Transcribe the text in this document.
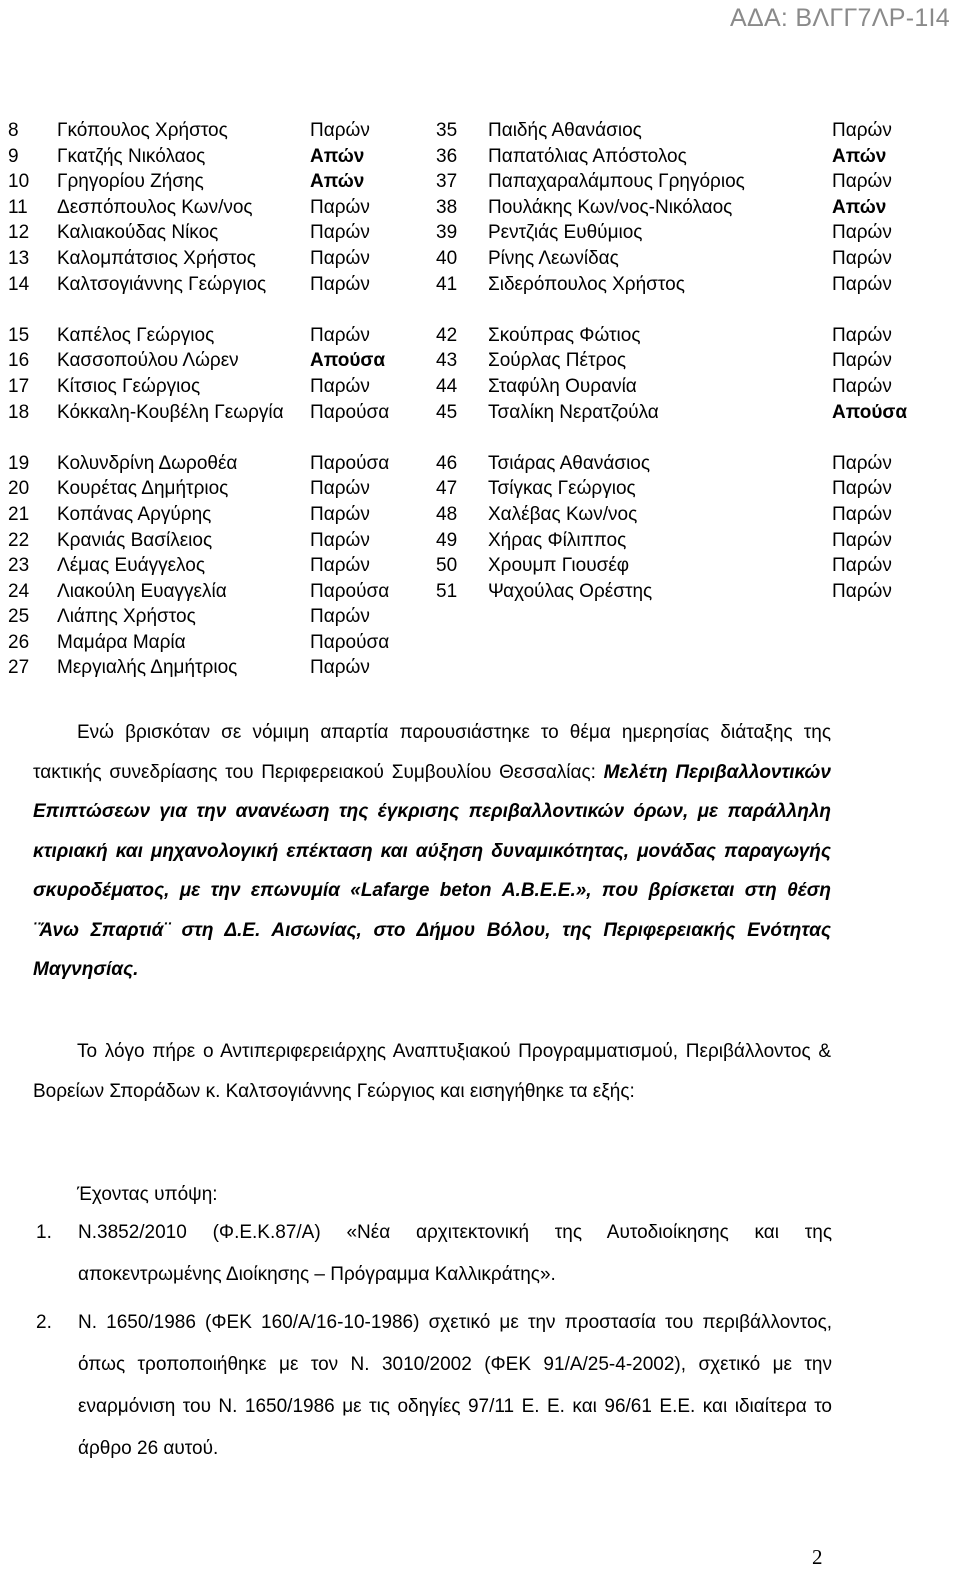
ΑΔΑ: ΒΛΓΓ7ΛΡ-1Ι4
8 Γκόπουλος Χρήστος	Παρών
9 Γκατζής Νικόλαος	Απών
10 Γρηγορίου Ζήσης	Απών
11 Δεσπόπουλος Κων/νος	Παρών
12 Καλιακούδας Νίκος	Παρών
13 Καλομπάτσιος Χρήστος	Παρών
14 Καλτσογιάννης Γεώργιος	Παρών
15 Καπέλος Γεώργιος	Παρών
16 Κασσοπούλου Λώρεν	Απούσα
17 Κίτσιος Γεώργιος	Παρών
18 Κόκκαλη-Κουβέλη Γεωργία	Παρούσα
19 Κολυνδρίνη Δωροθέα	Παρούσα
20 Κουρέτας Δημήτριος	Παρών
21 Κοπάνας Αργύρης	Παρών
22 Κρανιάς Βασίλειος	Παρών
23 Λέμας Ευάγγελος	Παρών
24 Λιακούλη Ευαγγελία	Παρούσα
25 Λιάπης Χρήστος	Παρών
26 Μαμάρα Μαρία	Παρούσα
27 Μεργιαλής Δημήτριος	Παρών
35 Παιδής Αθανάσιος	Παρών
36 Παπατόλιας Απόστολος	Απών
37 Παπαχαραλάμπους Γρηγόριος	Παρών
38 Πουλάκης Κων/νος-Νικόλαος	Απών
39 Ρεντζιάς Ευθύμιος	Παρών
40 Ρίνης Λεωνίδας	Παρών
41 Σιδερόπουλος Χρήστος	Παρών
42 Σκούπρας Φώτιος	Παρών
43 Σούρλας Πέτρος	Παρών
44 Σταφύλη Ουρανία	Παρών
45 Τσαλίκη Νερατζούλα	Απούσα
46 Τσιάρας Αθανάσιος	Παρών
47 Τσίγκας Γεώργιος	Παρών
48 Χαλέβας Κων/νος	Παρών
49 Χήρας Φίλιππος	Παρών
50 Χρουμπ Γιουσέφ	Παρών
51 Ψαχούλας Ορέστης	Παρών
Ενώ βρισκόταν σε νόμιμη απαρτία παρουσιάστηκε το θέμα ημερησίας διάταξης της τακτικής συνεδρίασης του Περιφερειακού Συμβουλίου Θεσσαλίας: Μελέτη Περιβαλλοντικών Επιπτώσεων για την ανανέωση της έγκρισης περιβαλλοντικών όρων, με παράλληλη κτιριακή και μηχανολογική επέκταση και αύξηση δυναμικότητας, μονάδας παραγωγής σκυροδέματος, με την επωνυμία «Lafarge beton Α.Β.Ε.Ε.», που βρίσκεται στη θέση ¨Άνω Σπαρτιά¨ στη Δ.Ε. Αισωνίας, στο Δήμου Βόλου, της Περιφερειακής Ενότητας Μαγνησίας.
Το λόγο πήρε ο Αντιπεριφερειάρχης Αναπτυξιακού Προγραμματισμού, Περιβάλλοντος & Βορείων Σποράδων κ. Καλτσογιάννης Γεώργιος και εισηγήθηκε τα εξής:
Έχοντας υπόψη:
1. Ν.3852/2010 (Φ.Ε.Κ.87/Α) «Νέα αρχιτεκτονική της Αυτοδιοίκησης και της αποκεντρωμένης Διοίκησης – Πρόγραμμα Καλλικράτης».
2. Ν. 1650/1986 (ΦΕΚ 160/Α/16-10-1986) σχετικό με την προστασία του περιβάλλοντος, όπως τροποποιήθηκε με τον Ν. 3010/2002 (ΦΕΚ 91/Α/25-4-2002), σχετικό με την εναρμόνιση του Ν. 1650/1986 με τις οδηγίες 97/11 Ε. Ε. και 96/61 Ε.Ε. και ιδιαίτερα το άρθρο 26 αυτού.
2
